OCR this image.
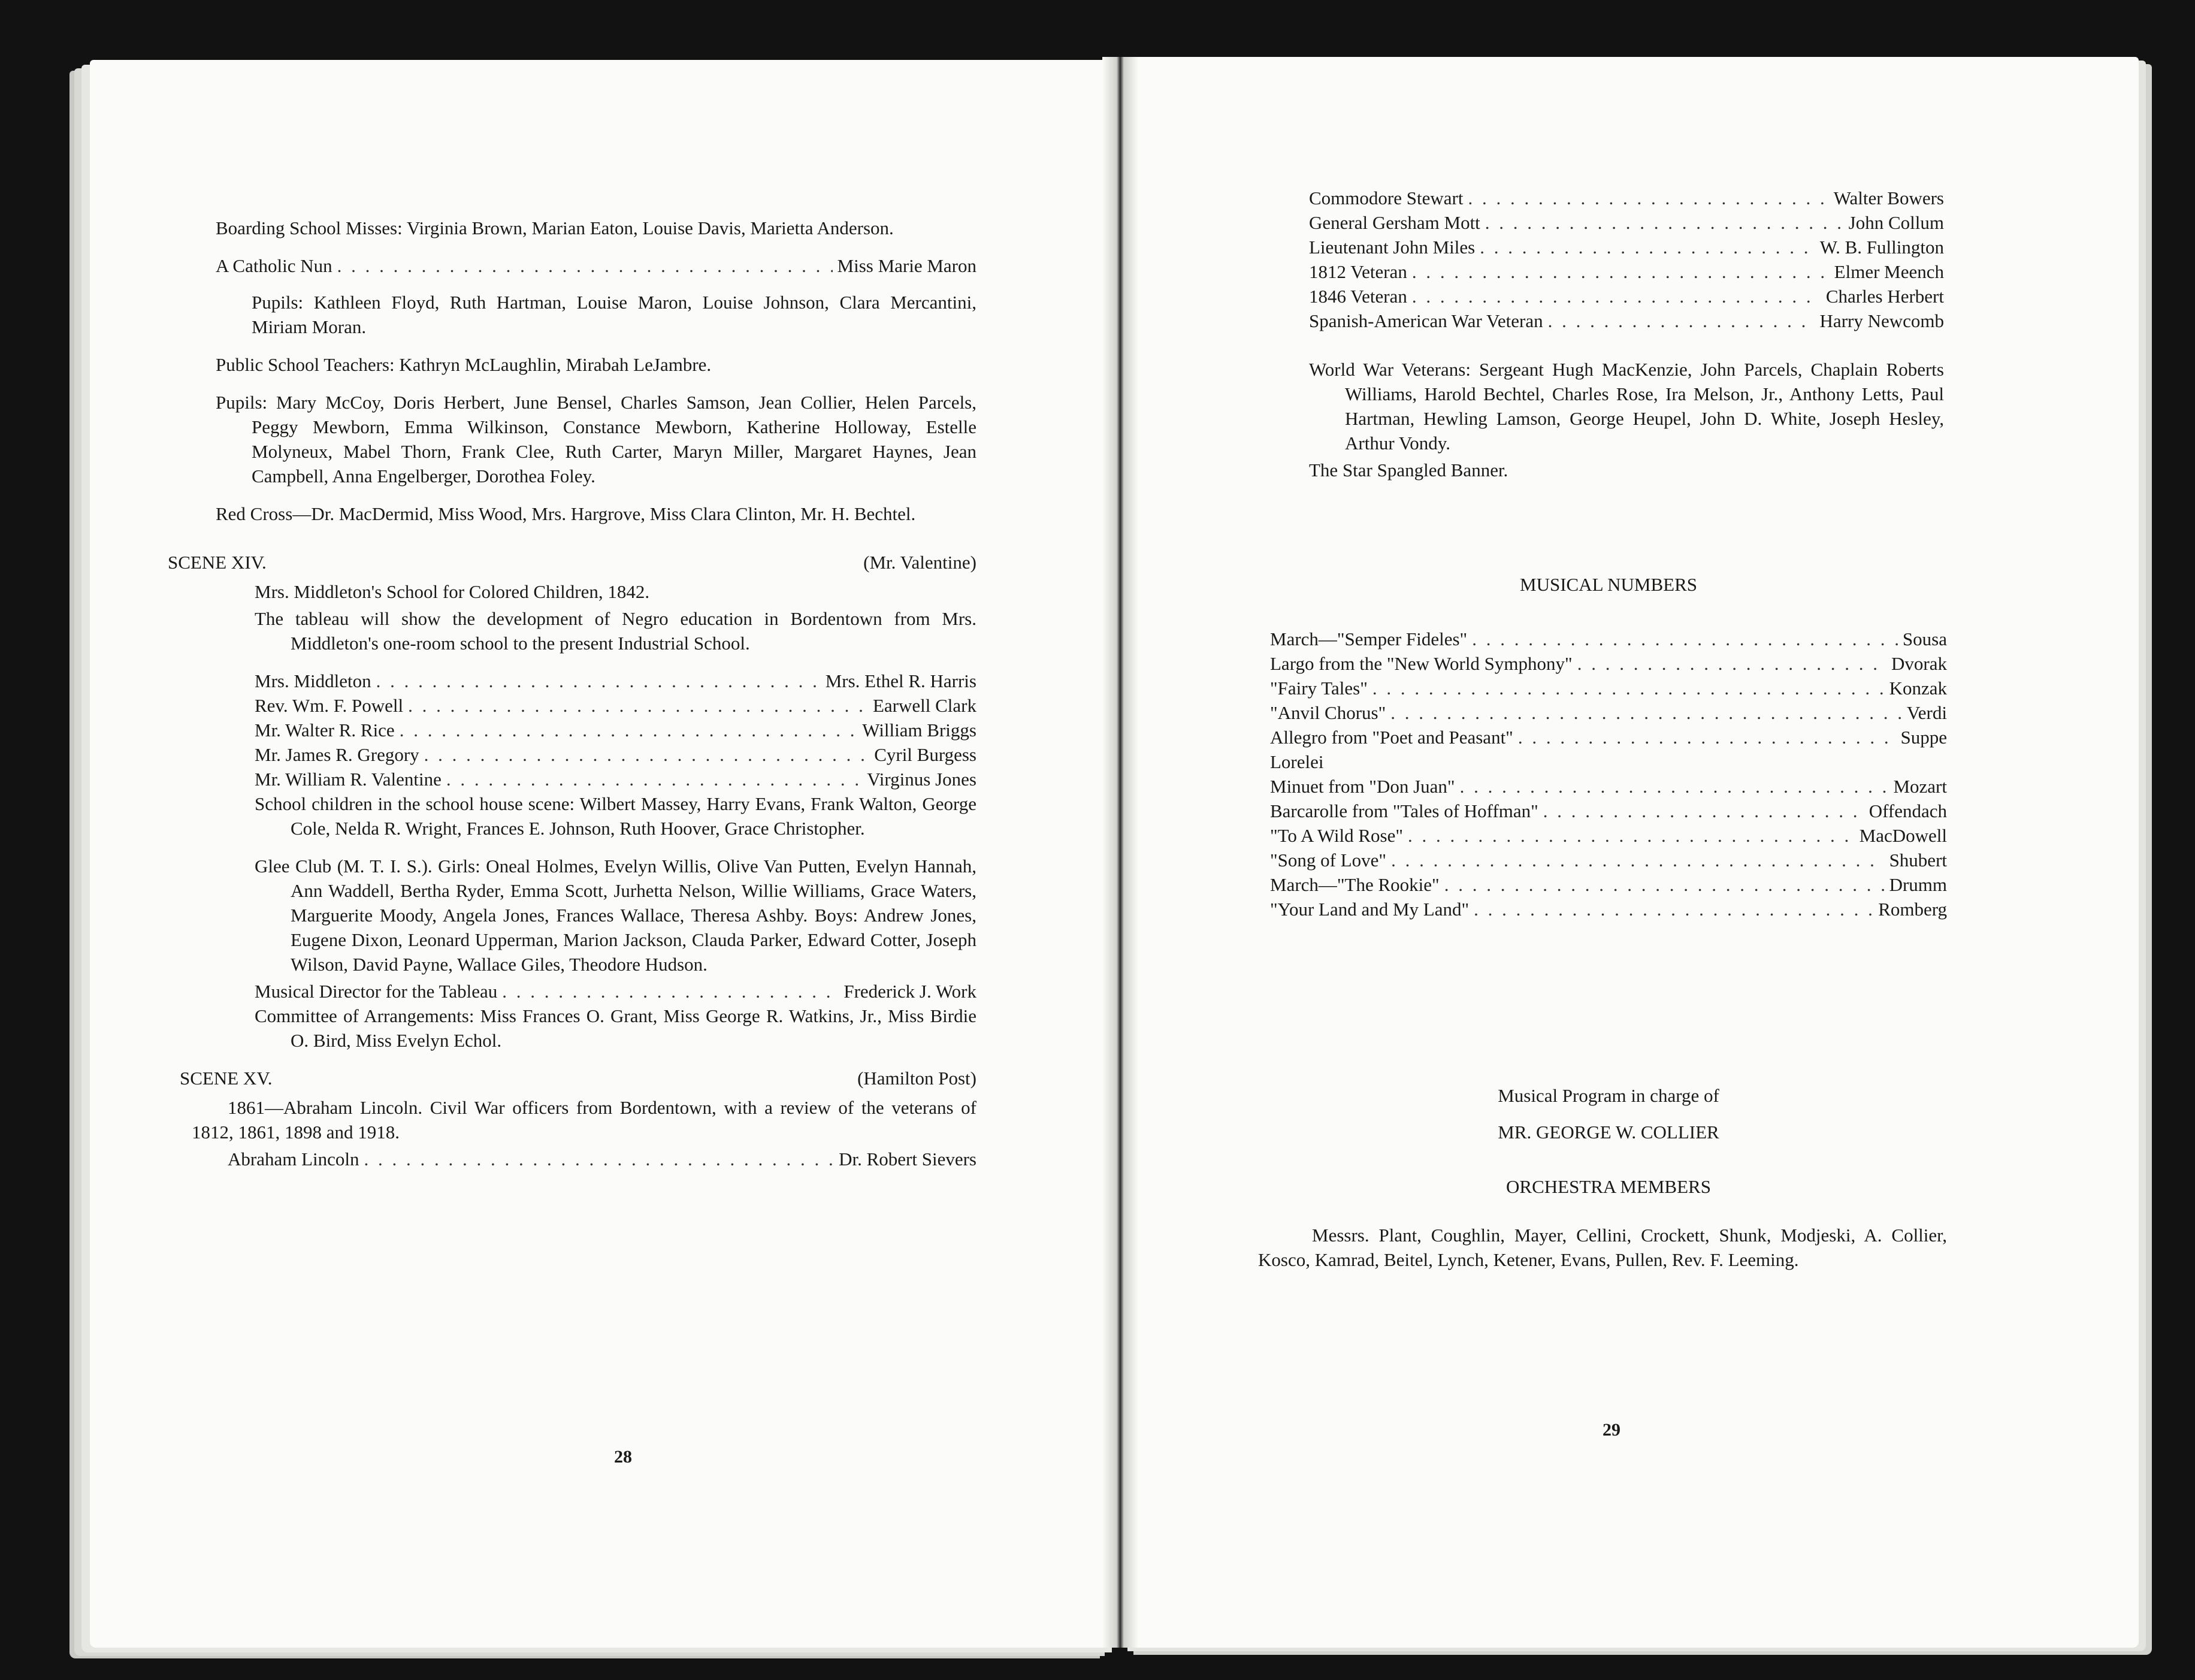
Boarding School Misses: Virginia Brown, Marian Eaton, Louise Davis, Marietta Anderson.

A Catholic Nun . . .	Miss Marie Maron

Pupils: Kathleen Floyd, Ruth Hartman, Louise Maron, Louise Johnson, Clara Mercantini, Miriam Moran.

Public School Teachers: Kathryn McLaughlin, Mirabah LeJambre.

Pupils: Mary McCoy, Doris Herbert, June Bensel, Charles Samson, Jean Collier, Helen Parcels, Peggy Mewborn, Emma Wilkinson, Constance Mewborn, Katherine Holloway, Estelle Molyneux, Mabel Thorn, Frank Clee, Ruth Carter, Maryn Miller, Margaret Haynes, Jean Campbell, Anna Engelberger, Dorothea Foley.

Red Cross—Dr. MacDermid, Miss Wood, Mrs. Hargrove, Miss Clara Clinton, Mr. H. Bechtel.

SCENE XIV.	(Mr. Valentine)

Mrs. Middleton's School for Colored Children, 1842.

The tableau will show the development of Negro education in Bordentown from Mrs. Middleton's one-room school to the present Industrial School.

Mrs. Middleton . . .	Mrs. Ethel R. Harris
Rev. Wm. F. Powell . . .	Earwell Clark
Mr. Walter R. Rice . . .	William Briggs
Mr. James R. Gregory . . .	Cyril Burgess
Mr. William R. Valentine . . .	Virginus Jones

School children in the school house scene: Wilbert Massey, Harry Evans, Frank Walton, George Cole, Nelda R. Wright, Frances E. Johnson, Ruth Hoover, Grace Christopher.

Glee Club (M. T. I. S.). Girls: Oneal Holmes, Evelyn Willis, Olive Van Putten, Evelyn Hannah, Ann Waddell, Bertha Ryder, Emma Scott, Jurhetta Nelson, Willie Williams, Grace Waters, Marguerite Moody, Angela Jones, Frances Wallace, Theresa Ashby. Boys: Andrew Jones, Eugene Dixon, Leonard Upperman, Marion Jackson, Clauda Parker, Edward Cotter, Joseph Wilson, David Payne, Wallace Giles, Theodore Hudson.

Musical Director for the Tableau . . .	Frederick J. Work

Committee of Arrangements: Miss Frances O. Grant, Miss George R. Watkins, Jr., Miss Birdie O. Bird, Miss Evelyn Echol.

SCENE XV.	(Hamilton Post)

1861—Abraham Lincoln. Civil War officers from Bordentown, with a review of the veterans of 1812, 1861, 1898 and 1918.

Abraham Lincoln . . .	Dr. Robert Sievers
28
Commodore Stewart . . .	Walter Bowers
General Gersham Mott . . .	John Collum
Lieutenant John Miles . . .	W. B. Fullington
1812 Veteran . . .	Elmer Meench
1846 Veteran . . .	Charles Herbert
Spanish-American War Veteran . . .	Harry Newcomb

World War Veterans: Sergeant Hugh MacKenzie, John Parcels, Chaplain Roberts Williams, Harold Bechtel, Charles Rose, Ira Melson, Jr., Anthony Letts, Paul Hartman, Hewling Lamson, George Heupel, John D. White, Joseph Hesley, Arthur Vondy.

The Star Spangled Banner.

MUSICAL NUMBERS
March—"Semper Fideles" . . .	Sousa
Largo from the "New World Symphony" . . .	Dvorak
"Fairy Tales" . . .	Konzak
"Anvil Chorus" . . .	Verdi
Allegro from "Poet and Peasant" . . .	Suppe
Lorelei
Minuet from "Don Juan" . . .	Mozart
Barcarolle from "Tales of Hoffman" . . .	Offendach
"To A Wild Rose" . . .	MacDowell
"Song of Love" . . .	Shubert
March—"The Rookie" . . .	Drumm
"Your Land and My Land" . . .	Romberg
Musical Program in charge of
MR. GEORGE W. COLLIER
ORCHESTRA MEMBERS

Messrs. Plant, Coughlin, Mayer, Cellini, Crockett, Shunk, Modjeski, A. Collier, Kosco, Kamrad, Beitel, Lynch, Ketener, Evans, Pullen, Rev. F. Leeming.

29
